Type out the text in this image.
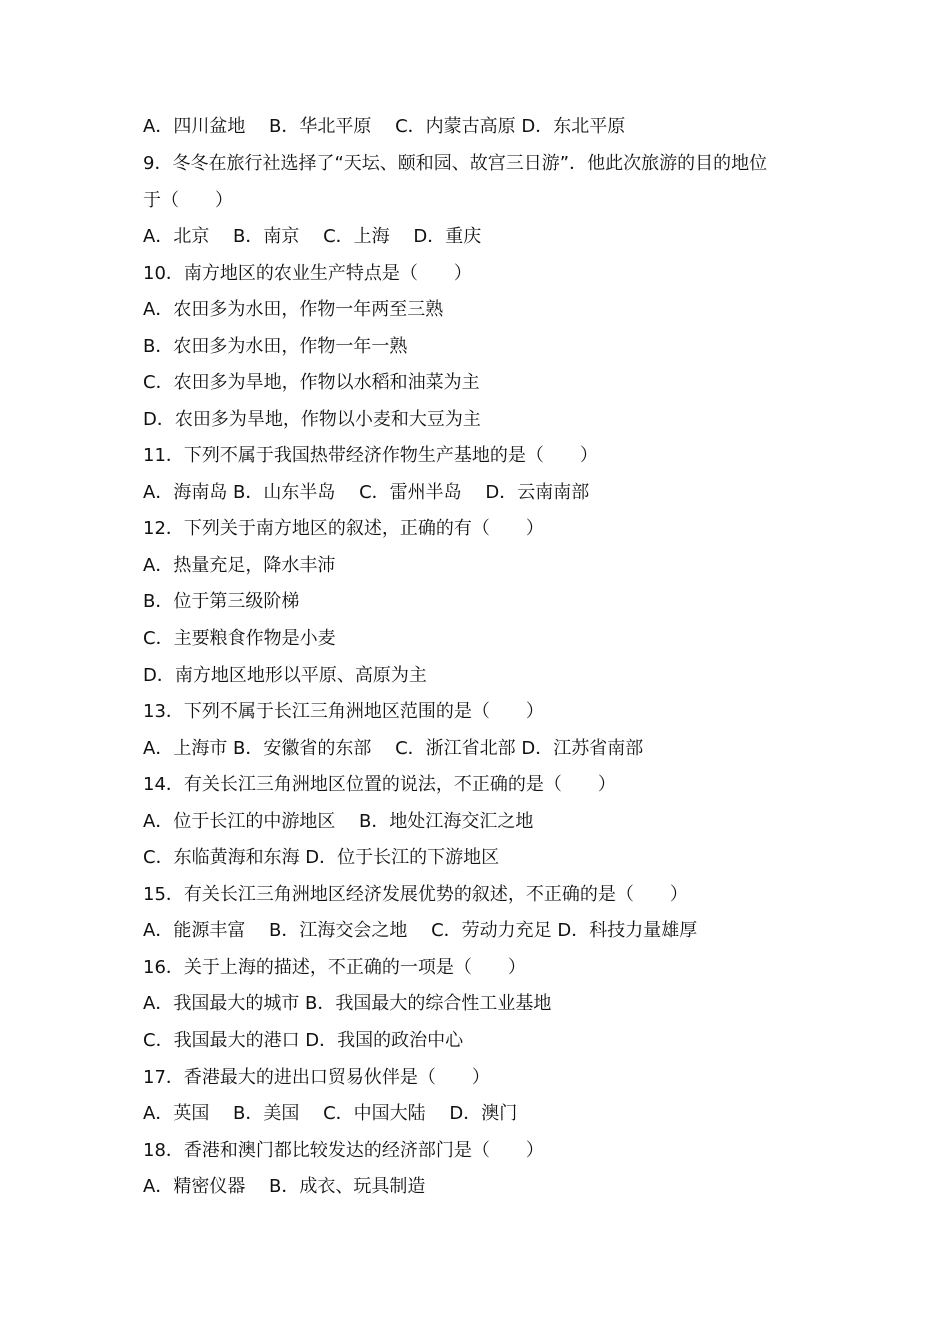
A．四川盆地　 B．华北平原　 C．内蒙古高原 D．东北平原
9．冬冬在旅行社选择了“天坛、颐和园、故宫三日游”．他此次旅游的目的地位
于（　　）
A．北京　 B．南京　 C．上海　 D．重庆
10．南方地区的农业生产特点是（　　）
A．农田多为水田，作物一年两至三熟
B．农田多为水田，作物一年一熟
C．农田多为旱地，作物以水稻和油菜为主
D．农田多为旱地，作物以小麦和大豆为主
11．下列不属于我国热带经济作物生产基地的是（　　）
A．海南岛 B．山东半岛　 C．雷州半岛　 D．云南南部
12．下列关于南方地区的叙述，正确的有（　　）
A．热量充足，降水丰沛
B．位于第三级阶梯
C．主要粮食作物是小麦
D．南方地区地形以平原、高原为主
13．下列不属于长江三角洲地区范围的是（　　）
A．上海市 B．安徽省的东部　 C．浙江省北部 D．江苏省南部
14．有关长江三角洲地区位置的说法，不正确的是（　　）
A．位于长江的中游地区　 B．地处江海交汇之地
C．东临黄海和东海 D．位于长江的下游地区
15．有关长江三角洲地区经济发展优势的叙述，不正确的是（　　）
A．能源丰富　 B．江海交会之地　 C．劳动力充足 D．科技力量雄厚
16．关于上海的描述，不正确的一项是（　　）
A．我国最大的城市 B．我国最大的综合性工业基地
C．我国最大的港口 D．我国的政治中心
17．香港最大的进出口贸易伙伴是（　　）
A．英国　 B．美国　 C．中国大陆　 D．澳门
18．香港和澳门都比较发达的经济部门是（　　）
A．精密仪器　 B．成衣、玩具制造
